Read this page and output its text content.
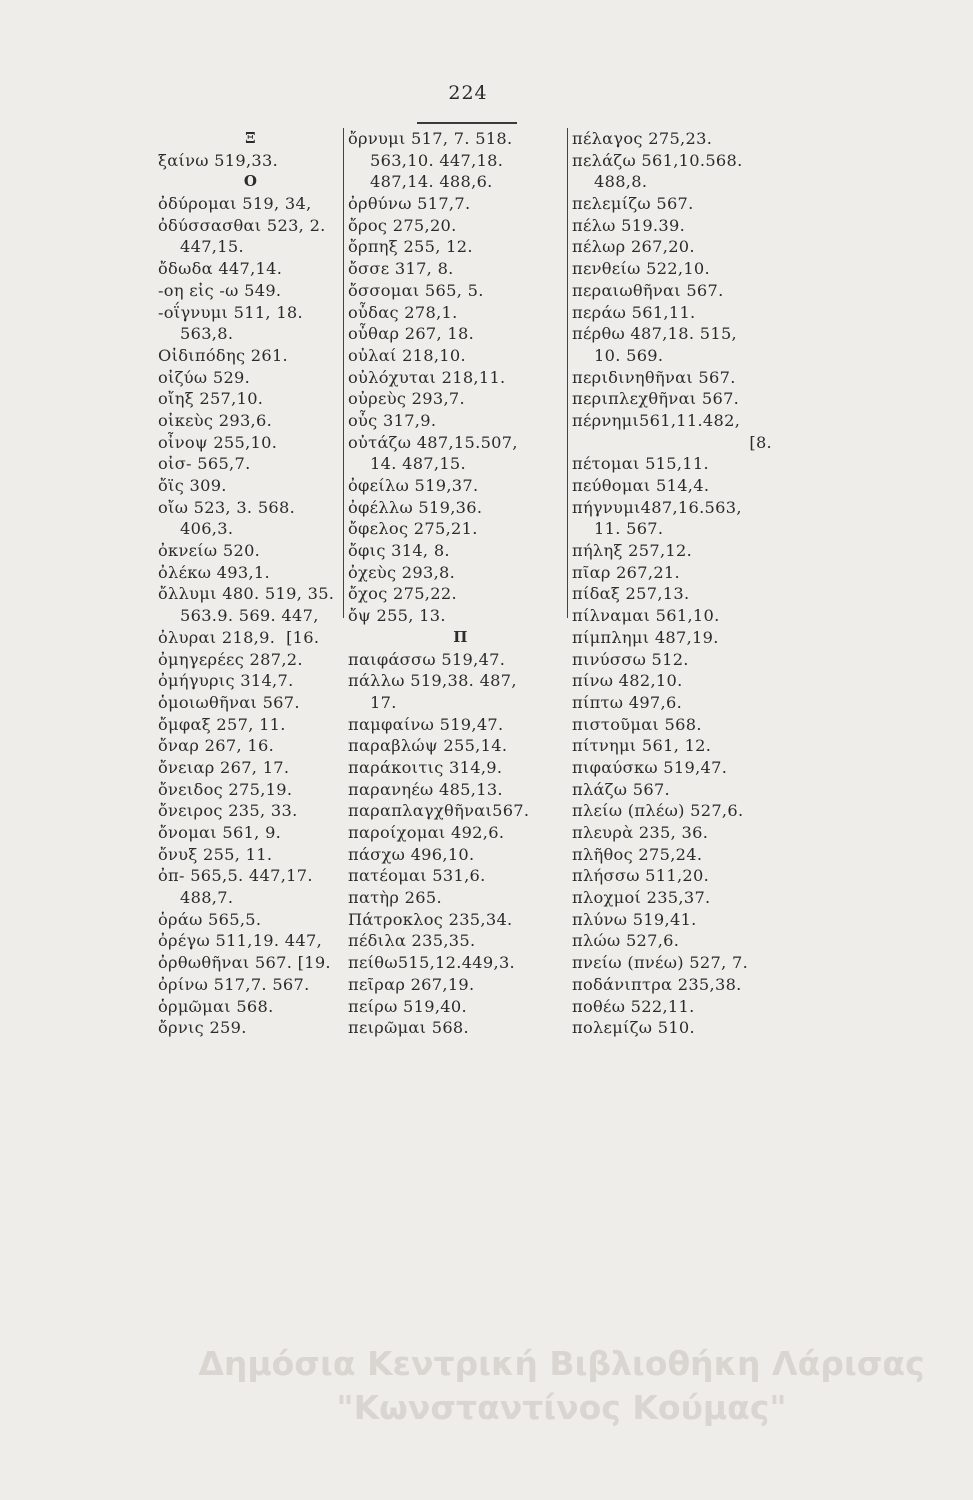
224
Ξ
ξαίνω 519,33.
Ο
ὀδύρομαι 519, 34,
ὀδύσσασθαι 523, 2.
447,15.
ὄδωδα 447,14.
-οη εἰς -ω 549.
-οΐγνυμι 511, 18.
563,8.
Οἰδιπόδης 261.
οἰζύω 529.
οἴηξ 257,10.
οἰκεὺς 293,6.
οἶνοψ 255,10.
οἰσ- 565,7.
ὄϊς 309.
οἴω 523, 3. 568.
406,3.
ὀκνείω 520.
ὀλέκω 493,1.
ὄλλυμι 480. 519, 35.
563.9. 569. 447,
ὀλυραι 218,9.  [16.
ὀμηγερέες 287,2.
ὀμήγυρις 314,7.
ὁμοιωθῆναι 567.
ὄμφαξ 257, 11.
ὄναρ 267, 16.
ὄνειαρ 267, 17.
ὄνειδος 275,19.
ὄνειρος 235, 33.
ὄνομαι 561, 9.
ὄνυξ 255, 11.
ὀπ- 565,5. 447,17.
488,7.
ὁράω 565,5.
ὀρέγω 511,19. 447,
ὀρθωθῆναι 567. [19.
ὀρίνω 517,7. 567.
ὁρμῶμαι 568.
ὄρνις 259.
ὄρνυμι 517, 7. 518.
563,10. 447,18.
487,14. 488,6.
ὀρθύνω 517,7.
ὄρος 275,20.
ὄρπηξ 255, 12.
ὄσσε 317, 8.
ὄσσομαι 565, 5.
οὖδας 278,1.
οὖθαρ 267, 18.
οὐλαί 218,10.
οὐλόχυται 218,11.
οὐρεὺς 293,7.
οὖς 317,9.
οὐτάζω 487,15.507,
14. 487,15.
ὀφείλω 519,37.
ὀφέλλω 519,36.
ὄφελος 275,21.
ὄφις 314, 8.
ὀχεὺς 293,8.
ὄχος 275,22.
ὄψ 255, 13.
Π
παιφάσσω 519,47.
πάλλω 519,38. 487,
17.
παμφαίνω 519,47.
παραβλώψ 255,14.
παράκοιτις 314,9.
παρανηέω 485,13.
παραπλαγχθῆναι567.
παροίχομαι 492,6.
πάσχω 496,10.
πατέομαι 531,6.
πατὴρ 265.
Πάτροκλος 235,34.
πέδιλα 235,35.
πείθω515,12.449,3.
πεῖραρ 267,19.
πείρω 519,40.
πειρῶμαι 568.
πέλαγος 275,23.
πελάζω 561,10.568.
488,8.
πελεμίζω 567.
πέλω 519.39.
πέλωρ 267,20.
πενθείω 522,10.
περαιωθῆναι 567.
περάω 561,11.
πέρθω 487,18. 515,
10. 569.
περιδινηθῆναι 567.
περιπλεχθῆναι 567.
πέρνημι561,11.482,
[8.
πέτομαι 515,11.
πεύθομαι 514,4.
πήγνυμι487,16.563,
11. 567.
πήληξ 257,12.
πῖαρ 267,21.
πίδαξ 257,13.
πίλναμαι 561,10.
πίμπλημι 487,19.
πινύσσω 512.
πίνω 482,10.
πίπτω 497,6.
πιστοῦμαι 568.
πίτνημι 561, 12.
πιφαύσκω 519,47.
πλάζω 567.
πλείω (πλέω) 527,6.
πλευρὰ 235, 36.
πλῆθος 275,24.
πλήσσω 511,20.
πλοχμοί 235,37.
πλύνω 519,41.
πλώω 527,6.
πνείω (πνέω) 527, 7.
ποδάνιπτρα 235,38.
ποθέω 522,11.
πολεμίζω 510.
Δημόσια Κεντρική Βιβλιοθήκη Λάρισας
"Κωνσταντίνος Κούμας"
